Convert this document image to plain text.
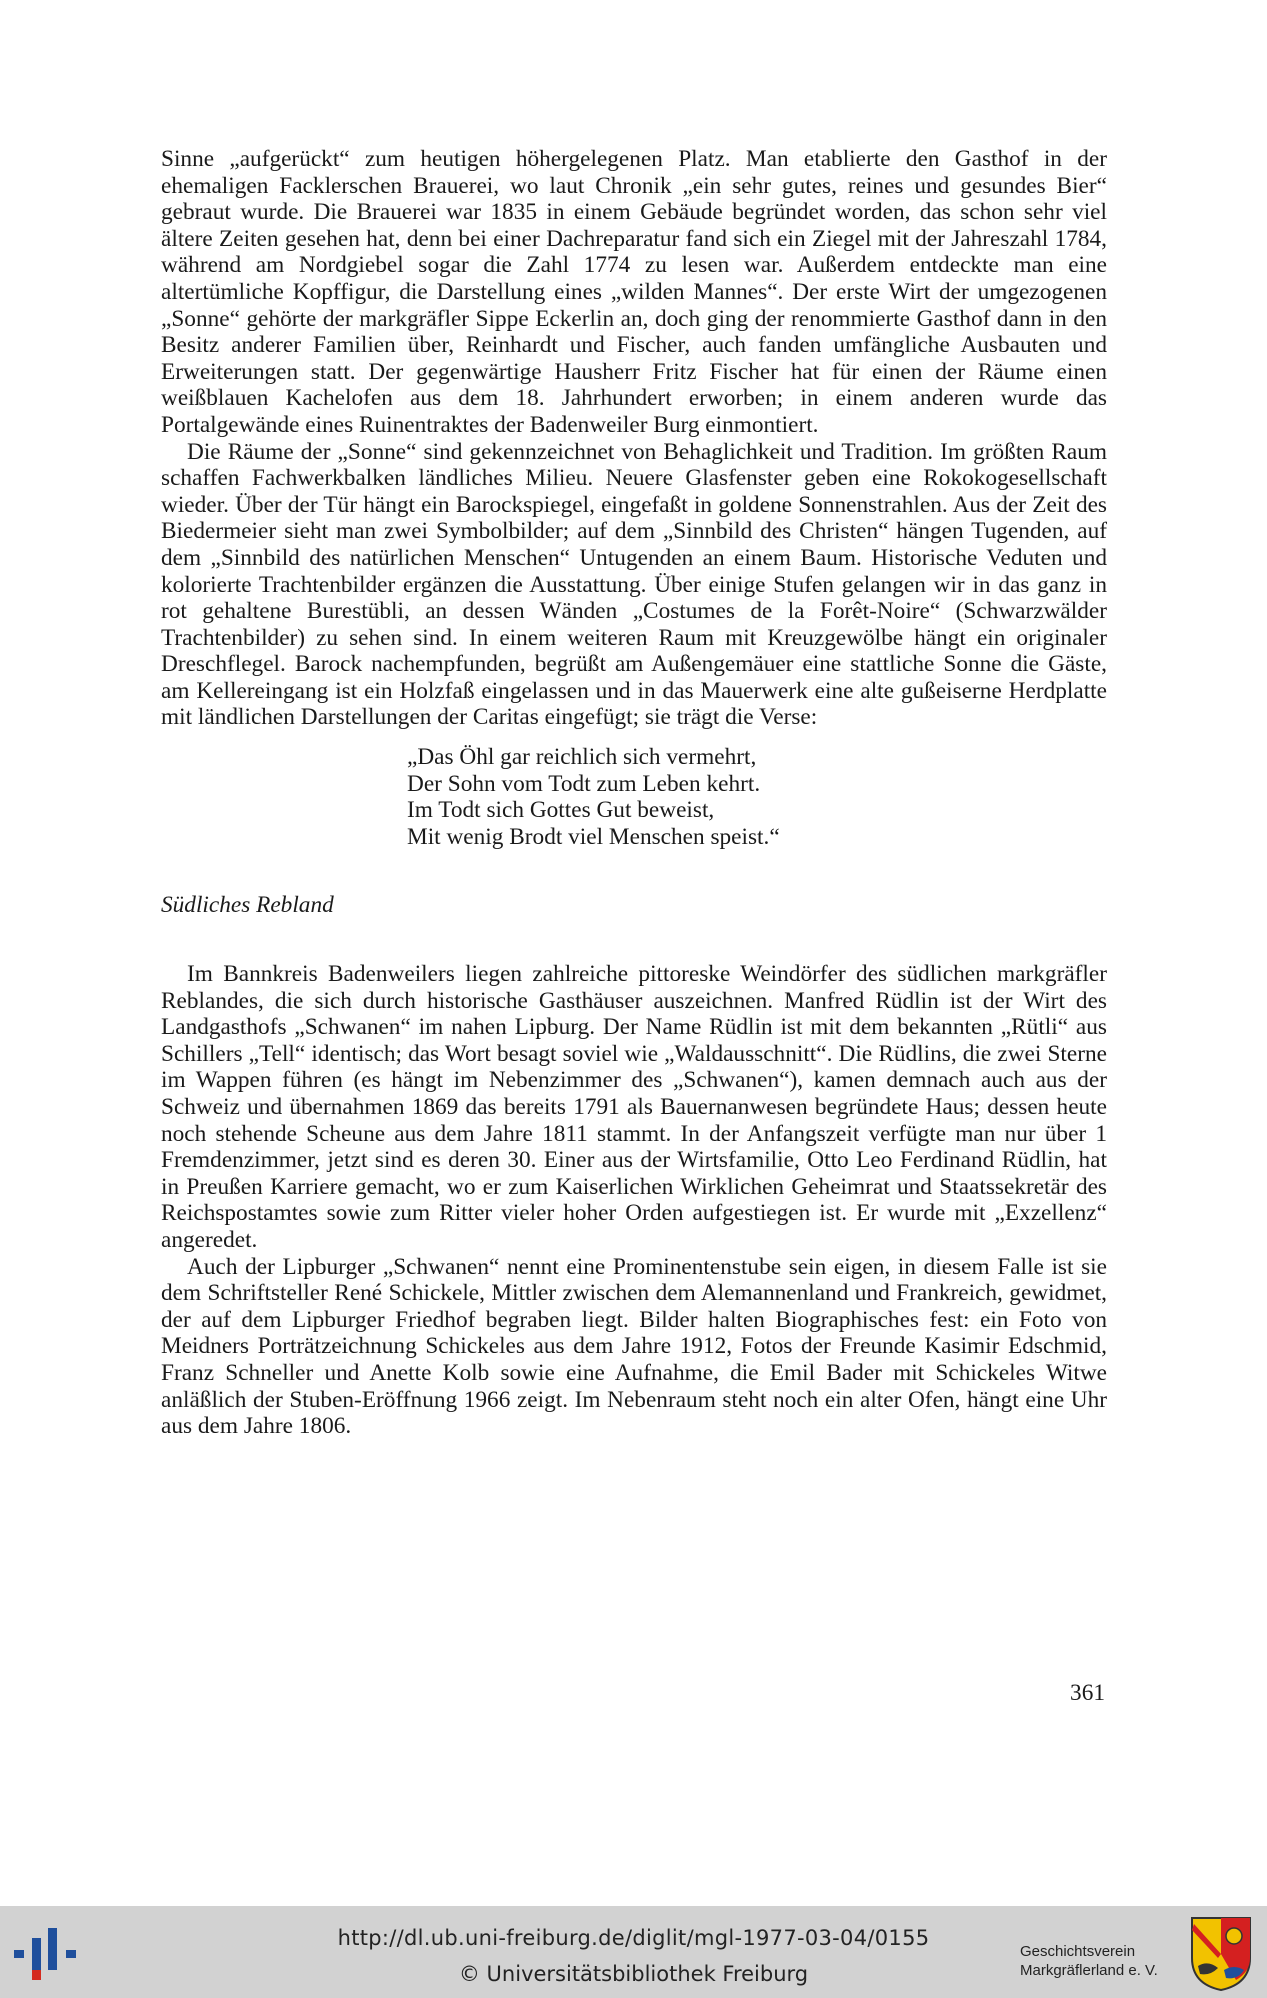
Sinne „aufgerückt“ zum heutigen höhergelegenen Platz. Man etablierte den Gasthof in der ehemaligen Facklerschen Brauerei, wo laut Chronik „ein sehr gutes, reines und gesundes Bier“ gebraut wurde. Die Brauerei war 1835 in einem Gebäude begründet worden, das schon sehr viel ältere Zeiten gesehen hat, denn bei einer Dachreparatur fand sich ein Ziegel mit der Jahreszahl 1784, während am Nordgiebel sogar die Zahl 1774 zu lesen war. Außerdem entdeckte man eine altertümliche Kopffigur, die Darstellung eines „wilden Mannes“. Der erste Wirt der umgezogenen „Sonne“ gehörte der markgräfler Sippe Eckerlin an, doch ging der renommierte Gasthof dann in den Besitz anderer Familien über, Reinhardt und Fischer, auch fanden umfängliche Ausbauten und Erweiterungen statt. Der gegenwärtige Hausherr Fritz Fischer hat für einen der Räume einen weißblauen Kachelofen aus dem 18. Jahrhundert erworben; in einem anderen wurde das Portalgewände eines Ruinentraktes der Badenweiler Burg einmontiert.

Die Räume der „Sonne“ sind gekennzeichnet von Behaglichkeit und Tradition. Im größten Raum schaffen Fachwerkbalken ländliches Milieu. Neuere Glasfenster geben eine Rokokogesellschaft wieder. Über der Tür hängt ein Barockspiegel, eingefaßt in goldene Sonnenstrahlen. Aus der Zeit des Biedermeier sieht man zwei Symbolbilder; auf dem „Sinnbild des Christen“ hängen Tugenden, auf dem „Sinnbild des natürlichen Menschen“ Untugenden an einem Baum. Historische Veduten und kolorierte Trachtenbilder ergänzen die Ausstattung. Über einige Stufen gelangen wir in das ganz in rot gehaltene Burestübli, an dessen Wänden „Costumes de la Forêt-Noire“ (Schwarzwälder Trachtenbilder) zu sehen sind. In einem weiteren Raum mit Kreuzgewölbe hängt ein originaler Dreschflegel. Barock nachempfunden, begrüßt am Außengemäuer eine stattliche Sonne die Gäste, am Kellereingang ist ein Holzfaß eingelassen und in das Mauerwerk eine alte gußeiserne Herdplatte mit ländlichen Darstellungen der Caritas eingefügt; sie trägt die Verse:

„Das Öhl gar reichlich sich vermehrt,
Der Sohn vom Todt zum Leben kehrt.
Im Todt sich Gottes Gut beweist,
Mit wenig Brodt viel Menschen speist.“
Südliches Rebland

Im Bannkreis Badenweilers liegen zahlreiche pittoreske Weindörfer des südlichen markgräfler Reblandes, die sich durch historische Gasthäuser auszeichnen. Manfred Rüdlin ist der Wirt des Landgasthofs „Schwanen“ im nahen Lipburg. Der Name Rüdlin ist mit dem bekannten „Rütli“ aus Schillers „Tell“ identisch; das Wort besagt soviel wie „Waldausschnitt“. Die Rüdlins, die zwei Sterne im Wappen führen (es hängt im Nebenzimmer des „Schwanen“), kamen demnach auch aus der Schweiz und übernahmen 1869 das bereits 1791 als Bauernanwesen begründete Haus; dessen heute noch stehende Scheune aus dem Jahre 1811 stammt. In der Anfangszeit verfügte man nur über 1 Fremdenzimmer, jetzt sind es deren 30. Einer aus der Wirtsfamilie, Otto Leo Ferdinand Rüdlin, hat in Preußen Karriere gemacht, wo er zum Kaiserlichen Wirklichen Geheimrat und Staatssekretär des Reichspostamtes sowie zum Ritter vieler hoher Orden aufgestiegen ist. Er wurde mit „Exzellenz“ angeredet.

Auch der Lipburger „Schwanen“ nennt eine Prominentenstube sein eigen, in diesem Falle ist sie dem Schriftsteller René Schickele, Mittler zwischen dem Alemannenland und Frankreich, gewidmet, der auf dem Lipburger Friedhof begraben liegt. Bilder halten Biographisches fest: ein Foto von Meidners Porträtzeichnung Schickeles aus dem Jahre 1912, Fotos der Freunde Kasimir Edschmid, Franz Schneller und Anette Kolb sowie eine Aufnahme, die Emil Bader mit Schickeles Witwe anläßlich der Stuben-Eröffnung 1966 zeigt. Im Nebenraum steht noch ein alter Ofen, hängt eine Uhr aus dem Jahre 1806.

361
http://dl.ub.uni-freiburg.de/diglit/mgl-1977-03-04/0155
© Universitätsbibliothek Freiburg
Geschichtsverein
Markgräflerland e. V.
